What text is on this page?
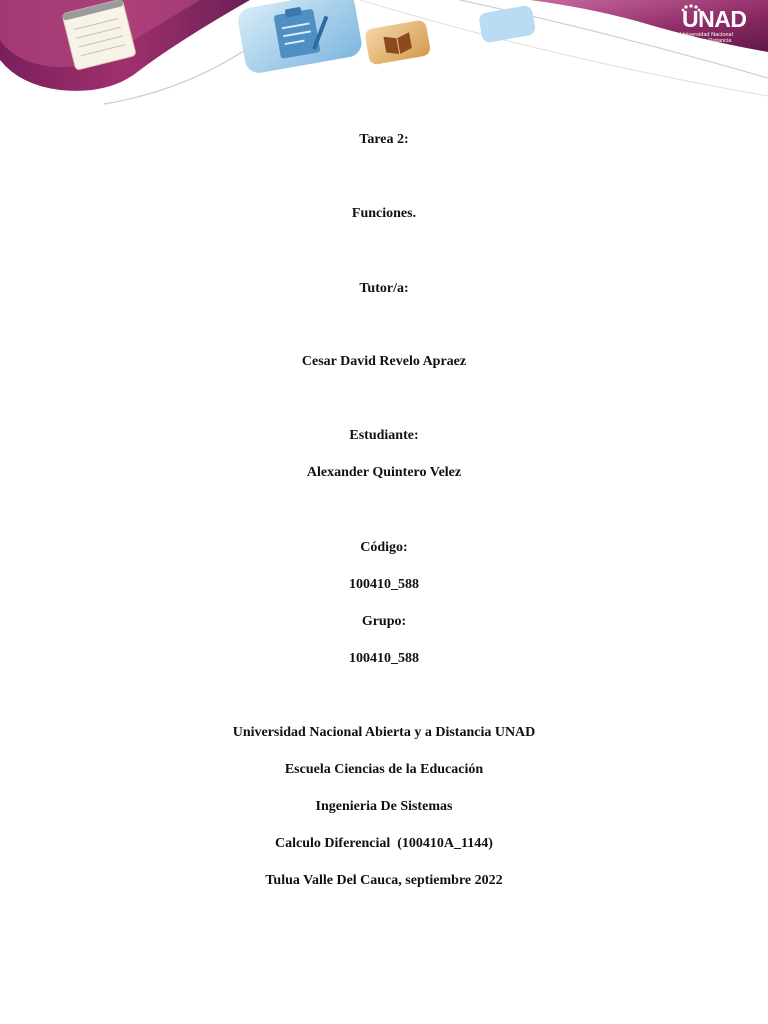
UNAD
Universidad Nacional
Abierta y a Distancia
Tarea 2:
Funciones.
Tutor/a:
Cesar David Revelo Apraez
Estudiante:
Alexander Quintero Velez
Código:
100410_588
Grupo:
100410_588
Universidad Nacional Abierta y a Distancia UNAD
Escuela Ciencias de la Educación
Ingenieria De Sistemas
Calculo Diferencial  (100410A_1144)
Tulua Valle Del Cauca, septiembre 2022
